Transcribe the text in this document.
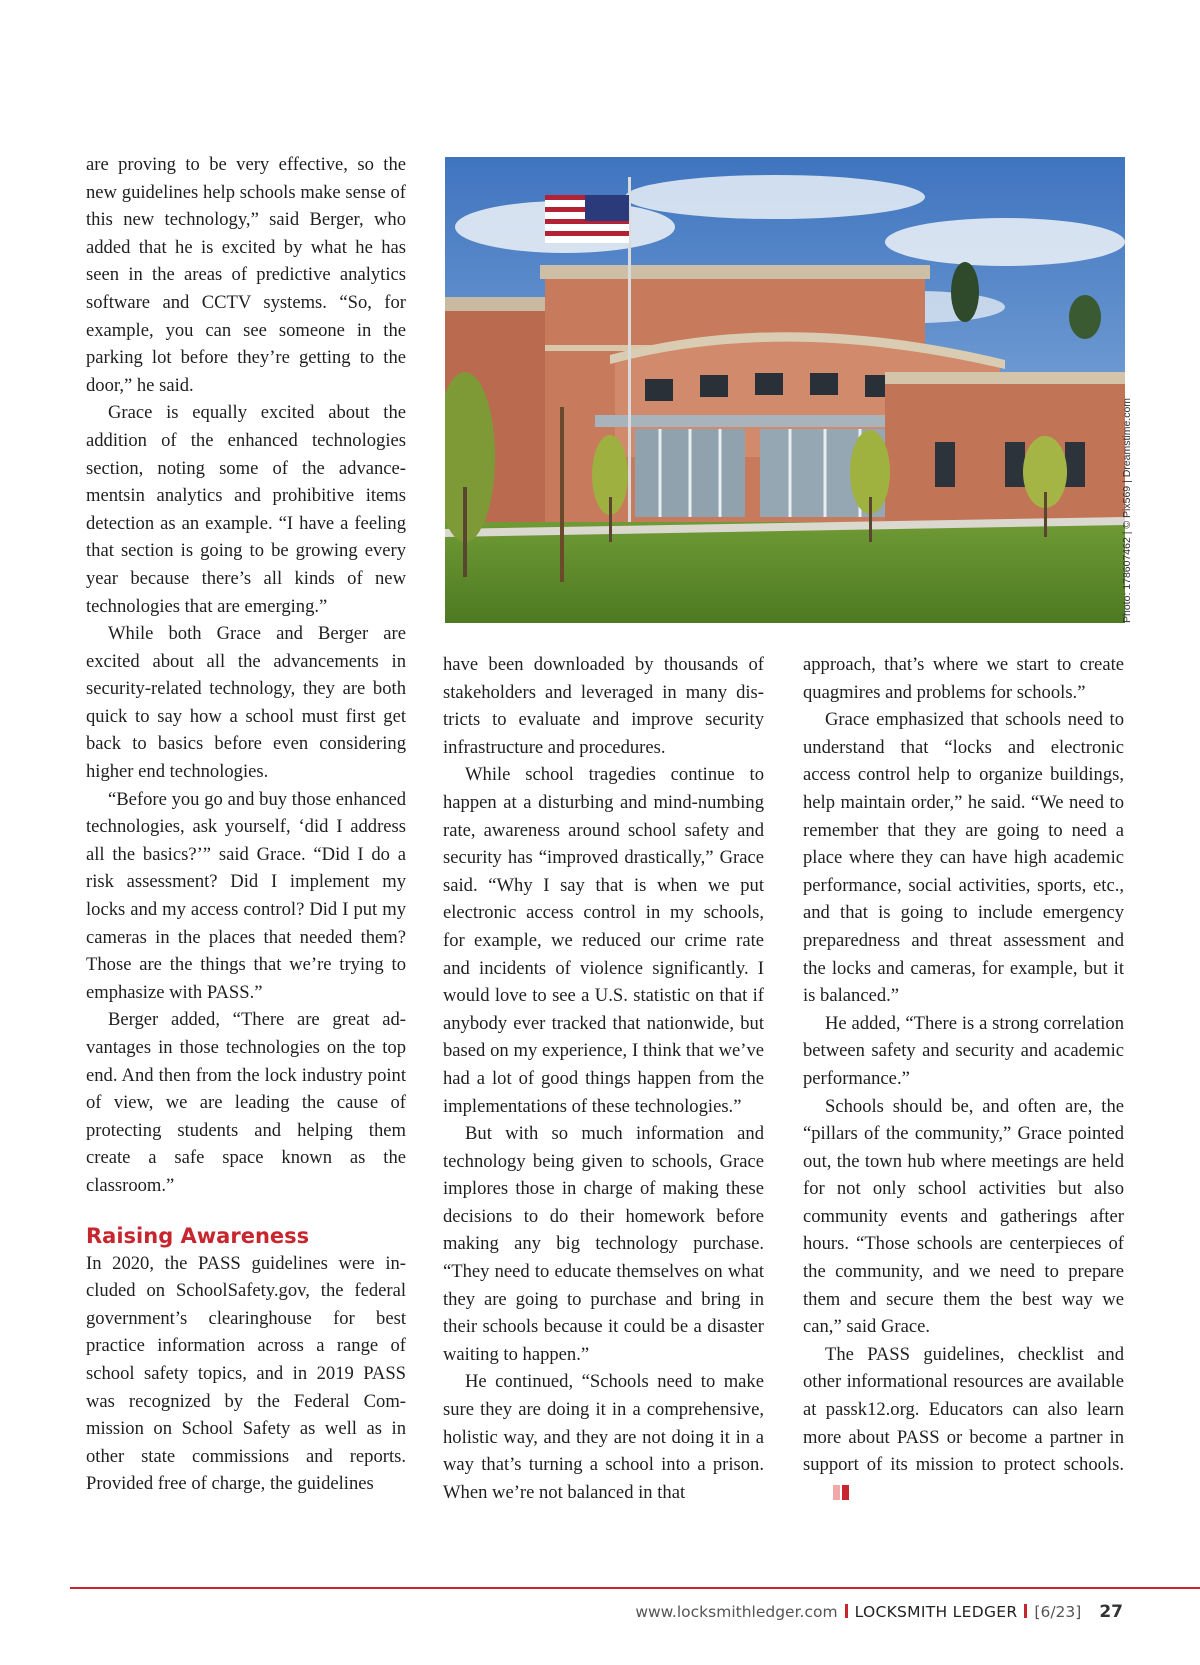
are proving to be very effective, so the new guidelines help schools make sense of this new technology,” said Berger, who added that he is excited by what he has seen in the areas of predictive analytics software and CCTV systems. “So, for example, you can see someone in the parking lot before they’re getting to the door,” he said.

Grace is equally excited about the addition of the enhanced technologies section, noting some of the advancementsin analytics and prohibitive items detection as an example. “I have a feeling that section is going to be growing every year because there’s all kinds of new technologies that are emerging.”

While both Grace and Berger are excited about all the advancements in security-related technology, they are both quick to say how a school must first get back to basics before even considering higher end technologies.

“Before you go and buy those enhanced technologies, ask yourself, ‘did I address all the basics?’” said Grace. “Did I do a risk assessment? Did I implement my locks and my access control? Did I put my cameras in the places that needed them? Those are the things that we’re trying to emphasize with PASS.”

Berger added, “There are great advantages in those technologies on the top end. And then from the lock industry point of view, we are leading the cause of protecting students and helping them create a safe space known as the classroom.”

Raising Awareness

In 2020, the PASS guidelines were included on SchoolSafety.gov, the federal government’s clearinghouse for best practice information across a range of school safety topics, and in 2019 PASS was recognized by the Federal Commission on School Safety as well as in other state commissions and reports. Provided free of charge, the guidelines

Photo: 178607462 | © Pix569 | Dreamstime.com

have been downloaded by thousands of stakeholders and leveraged in many districts to evaluate and improve security infrastructure and procedures.

While school tragedies continue to happen at a disturbing and mind-numbing rate, awareness around school safety and security has “improved drastically,” Grace said. “Why I say that is when we put electronic access control in my schools, for example, we reduced our crime rate and incidents of violence significantly. I would love to see a U.S. statistic on that if anybody ever tracked that nationwide, but based on my experience, I think that we’ve had a lot of good things happen from the implementations of these technologies.”

But with so much information and technology being given to schools, Grace implores those in charge of making these decisions to do their homework before making any big technology purchase. “They need to educate themselves on what they are going to purchase and bring in their schools because it could be a disaster waiting to happen.”

He continued, “Schools need to make sure they are doing it in a comprehensive, holistic way, and they are not doing it in a way that’s turning a school into a prison. When we’re not balanced in that

approach, that’s where we start to create quagmires and problems for schools.”

Grace emphasized that schools need to understand that “locks and electronic access control help to organize buildings, help maintain order,” he said. “We need to remember that they are going to need a place where they can have high academic performance, social activities, sports, etc., and that is going to include emergency preparedness and threat assessment and the locks and cameras, for example, but it is balanced.”

He added, “There is a strong correlation between safety and security and academic performance.”

Schools should be, and often are, the “pillars of the community,” Grace pointed out, the town hub where meetings are held for not only school activities but also community events and gatherings after hours. “Those schools are centerpieces of the community, and we need to prepare them and secure them the best way we can,” said Grace.

The PASS guidelines, checklist and other informational resources are available at passk12.org. Educators can also learn more about PASS or become a partner in support of its mission to protect schools.

www.locksmithledger.com LOCKSMITH LEDGER [6/23] 27
